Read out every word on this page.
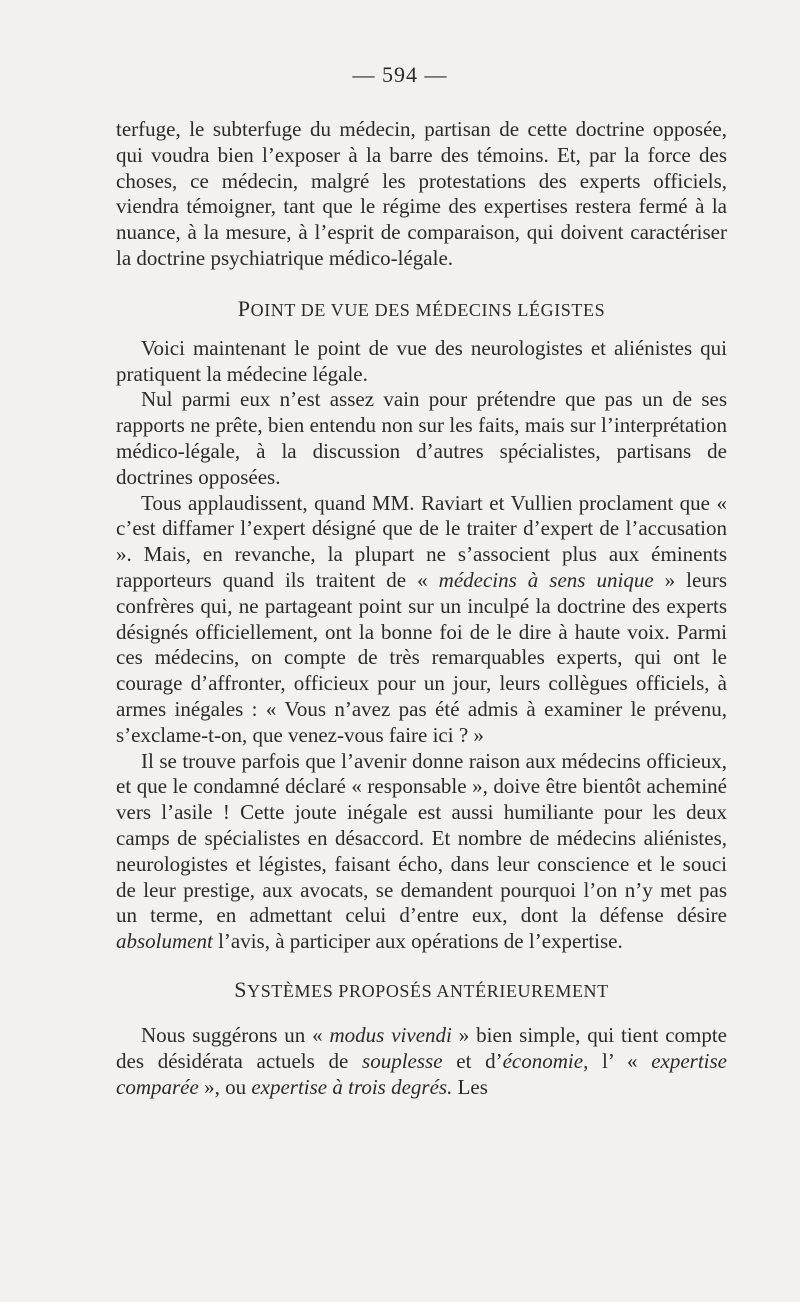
— 594 —

terfuge, le subterfuge du médecin, partisan de cette doctrine opposée, qui voudra bien l’exposer à la barre des témoins. Et, par la force des choses, ce médecin, malgré les protestations des experts officiels, viendra témoigner, tant que le régime des expertises restera fermé à la nuance, à la mesure, à l’esprit de comparaison, qui doivent caractériser la doctrine psychiatrique médico-légale.

POINT DE VUE DES MÉDECINS LÉGISTES

Voici maintenant le point de vue des neurologistes et aliénistes qui pratiquent la médecine légale.

Nul parmi eux n’est assez vain pour prétendre que pas un de ses rapports ne prête, bien entendu non sur les faits, mais sur l’interprétation médico-légale, à la discussion d’autres spécialistes, partisans de doctrines opposées.

Tous applaudissent, quand MM. Raviart et Vullien proclament que « c’est diffamer l’expert désigné que de le traiter d’expert de l’accusation ». Mais, en revanche, la plupart ne s’associent plus aux éminents rapporteurs quand ils traitent de « médecins à sens unique » leurs confrères qui, ne partageant point sur un inculpé la doctrine des experts désignés officiellement, ont la bonne foi de le dire à haute voix. Parmi ces médecins, on compte de très remarquables experts, qui ont le courage d’affronter, officieux pour un jour, leurs collègues officiels, à armes inégales : « Vous n’avez pas été admis à examiner le prévenu, s’exclame-t-on, que venez-vous faire ici ? »

Il se trouve parfois que l’avenir donne raison aux médecins officieux, et que le condamné déclaré « responsable », doive être bientôt acheminé vers l’asile ! Cette joute inégale est aussi humiliante pour les deux camps de spécialistes en désaccord. Et nombre de médecins aliénistes, neurologistes et légistes, faisant écho, dans leur conscience et le souci de leur prestige, aux avocats, se demandent pourquoi l’on n’y met pas un terme, en admettant celui d’entre eux, dont la défense désire absolument l’avis, à participer aux opérations de l’expertise.

SYSTÈMES PROPOSÉS ANTÉRIEUREMENT

Nous suggérons un « modus vivendi » bien simple, qui tient compte des désidérata actuels de souplesse et d’économie, l’ « expertise comparée », ou expertise à trois degrés. Les
